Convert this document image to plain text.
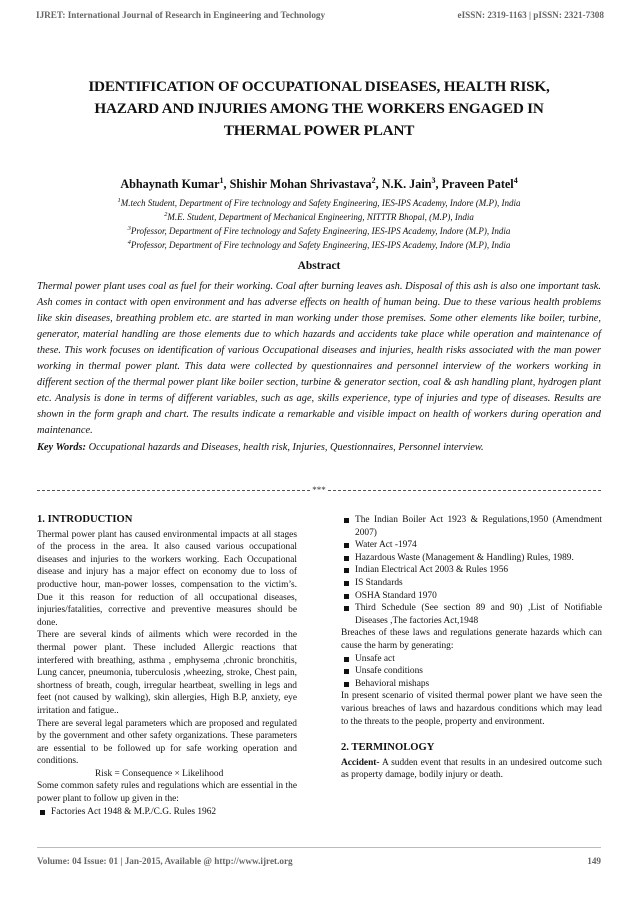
IJRET: International Journal of Research in Engineering and Technology	eISSN: 2319-1163 | pISSN: 2321-7308
IDENTIFICATION OF OCCUPATIONAL DISEASES, HEALTH RISK,
HAZARD AND INJURIES AMONG THE WORKERS ENGAGED IN
THERMAL POWER PLANT
Abhaynath Kumar$^1$, Shishir Mohan Shrivastava$^2$, N.K. Jain$^3$, Praveen Patel$^4$
$^1$M.tech Student, Department of Fire technology and Safety Engineering, IES-IPS Academy, Indore (M.P), India
$^2$M.E. Student, Department of Mechanical Engineering, NITTTR Bhopal, (M.P), India
$^3$Professor, Department of Fire technology and Safety Engineering, IES-IPS Academy, Indore (M.P), India
$^4$Professor, Department of Fire technology and Safety Engineering, IES-IPS Academy, Indore (M.P), India
Abstract
Thermal power plant uses coal as fuel for their working. Coal after burning leaves ash. Disposal of this ash is also one important task. Ash comes in contact with open environment and has adverse effects on health of human being. Due to these various health problems like skin diseases, breathing problem etc. are started in man working under those premises. Some other elements like boiler, turbine, generator, material handling are those elements due to which hazards and accidents take place while operation and maintenance of these. This work focuses on identification of various Occupational diseases and injuries, health risks associated with the man power working in thermal power plant. This data were collected by questionnaires and personnel interview of the workers working in different section of the thermal power plant like boiler section, turbine & generator section, coal & ash handling plant, hydrogen plant etc. Analysis is done in terms of different variables, such as age, skills experience, type of injuries and type of diseases. Results are shown in the form graph and chart. The results indicate a remarkable and visible impact on health of workers during operation and maintenance.
Key Words: Occupational hazards and Diseases, health risk, Injuries, Questionnaires, Personnel interview.
***
1. INTRODUCTION

Thermal power plant has caused environmental impacts at all stages of the process in the area. It also caused various occupational diseases and injuries to the workers working. Each Occupational disease and injury has a major effect on economy due to loss of productive hour, man-power losses, compensation to the victim’s. Due it this reason for reduction of all occupational diseases, injuries/fatalities, corrective and preventive measures should be done.

There are several kinds of ailments which were recorded in the thermal power plant. These included Allergic reactions that interfered with breathing, asthma , emphysema ,chronic bronchitis, Lung cancer, pneumonia, tuberculosis ,wheezing, stroke, Chest pain, shortness of breath, cough, irregular heartbeat, swelling in legs and feet (not caused by walking), skin allergies, High B.P, anxiety, eye irritation and fatigue..

There are several legal parameters which are proposed and regulated by the government and other safety organizations. These parameters are essential to be followed up for safe working operation and conditions.

Risk = Consequence × Likelihood

Some common safety rules and regulations which are essential in the power plant to follow up given in the:

Factories Act 1948 & M.P./C.G. Rules 1962
The Indian Boiler Act 1923 & Regulations,1950 (Amendment 2007)
Water Act -1974
Hazardous Waste (Management & Handling) Rules, 1989.
Indian Electrical Act 2003 & Rules 1956
IS Standards
OSHA Standard 1970
Third Schedule (See section 89 and 90) ,List of Notifiable Diseases ,The factories Act,1948

Breaches of these laws and regulations generate hazards which can cause the harm by generating:

Unsafe act
Unsafe conditions
Behavioral mishaps

In present scenario of visited thermal power plant we have seen the various breaches of laws and hazardous conditions which may lead to the threats to the people, property and environment.

2. TERMINOLOGY

Accident- A sudden event that results in an undesired outcome such as property damage, bodily injury or death.

Volume: 04 Issue: 01 | Jan-2015, Available @ http://www.ijret.org	149
